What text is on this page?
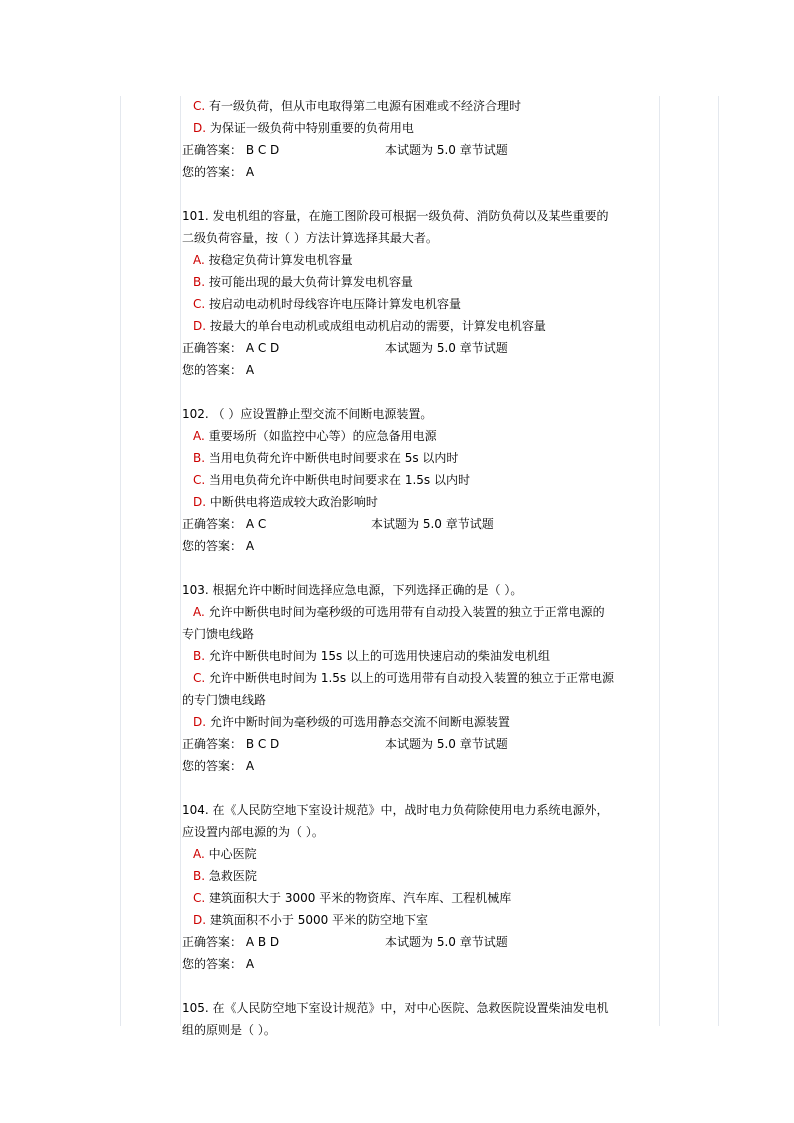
C. 有一级负荷，但从市电取得第二电源有困难或不经济合理时
D. 为保证一级负荷中特别重要的负荷用电
正确答案： B C D	本试题为 5.0 章节试题
您的答案： A
101. 发电机组的容量，在施工图阶段可根据一级负荷、消防负荷以及某些重要的
二级负荷容量，按（ ）方法计算选择其最大者。
A. 按稳定负荷计算发电机容量
B. 按可能出现的最大负荷计算发电机容量
C. 按启动电动机时母线容许电压降计算发电机容量
D. 按最大的单台电动机或成组电动机启动的需要，计算发电机容量
正确答案： A C D	本试题为 5.0 章节试题
您的答案： A
102. （ ）应设置静止型交流不间断电源装置。
A. 重要场所（如监控中心等）的应急备用电源
B. 当用电负荷允许中断供电时间要求在 5s 以内时
C. 当用电负荷允许中断供电时间要求在 1.5s 以内时
D. 中断供电将造成较大政治影响时
正确答案： A C	本试题为 5.0 章节试题
您的答案： A
103. 根据允许中断时间选择应急电源，下列选择正确的是（ ）。
A. 允许中断供电时间为毫秒级的可选用带有自动投入装置的独立于正常电源的
专门馈电线路
B. 允许中断供电时间为 15s 以上的可选用快速启动的柴油发电机组
C. 允许中断供电时间为 1.5s 以上的可选用带有自动投入装置的独立于正常电源
的专门馈电线路
D. 允许中断时间为毫秒级的可选用静态交流不间断电源装置
正确答案： B C D	本试题为 5.0 章节试题
您的答案： A
104. 在《人民防空地下室设计规范》中，战时电力负荷除使用电力系统电源外，
应设置内部电源的为（ ）。
A. 中心医院
B. 急救医院
C. 建筑面积大于 3000 平米的物资库、汽车库、工程机械库
D. 建筑面积不小于 5000 平米的防空地下室
正确答案： A B D	本试题为 5.0 章节试题
您的答案： A
105. 在《人民防空地下室设计规范》中，对中心医院、急救医院设置柴油发电机
组的原则是（ ）。
